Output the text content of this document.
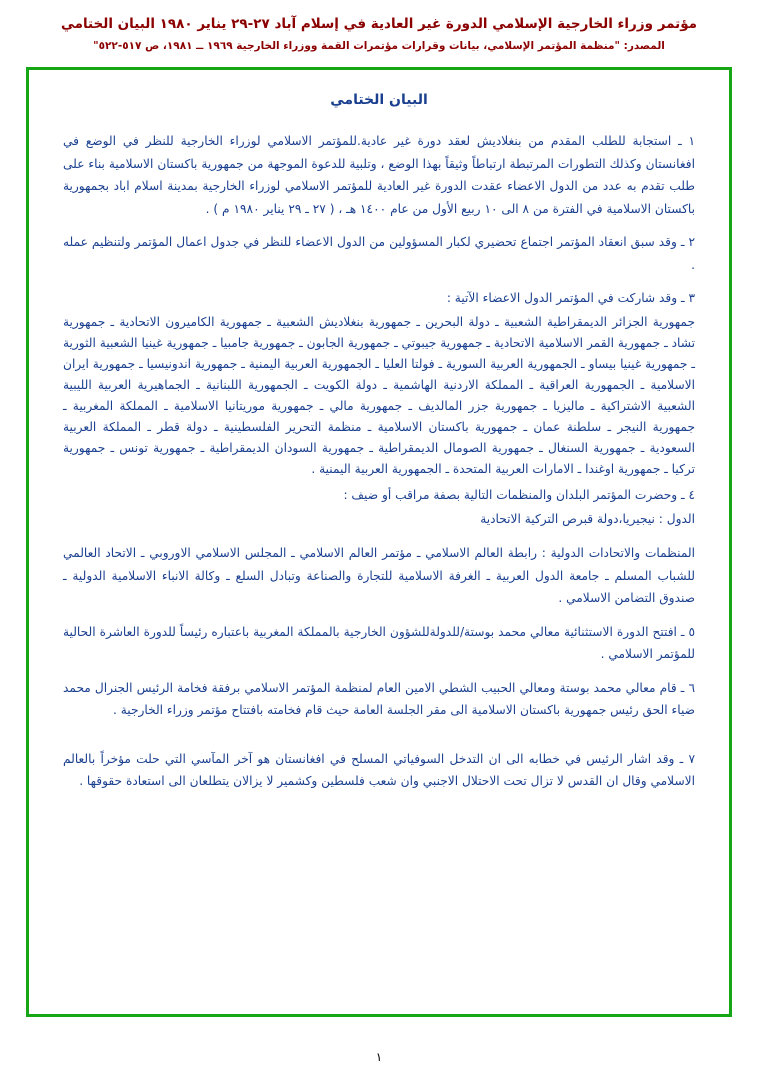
مؤتمر وزراء الخارجية الإسلامي الدورة غير العادية في إسلام آباد ٢٧-٢٩ يناير ١٩٨٠ البيان الختامي
المصدر: "منظمة المؤتمر الإسلامي، بيانات وقرارات مؤتمرات القمة ووزراء الخارجية ١٩٦٩ ــ ١٩٨١، ص ٥١٧-٥٢٢"
البيان الختامي
١ ـ استجابة للطلب المقدم من بنغلاديش لعقد دورة غير عادية.للمؤتمر الاسلامي لوزراء الخارجية للنظر في الوضع في افغانستان وكذلك التطورات المرتبطة ارتباطاً وثيقاً بهذا الوضع ، وتلبية للدعوة الموجهة من جمهورية باكستان الاسلامية بناء على طلب تقدم به عدد من الدول الاعضاء عقدت الدورة غير العادية للمؤتمر الاسلامي لوزراء الخارجية بمدينة اسلام اباد بجمهورية باكستان الاسلامية في الفترة من ٨ الى ١٠ ربيع الأول من عام ١٤٠٠ هـ ، ( ٢٧ ـ ٢٩ يناير ١٩٨٠ م ) .
٢ ـ وقد سبق انعقاد المؤتمر اجتماع تحضيري لكبار المسؤولين من الدول الاعضاء للنظر في جدول اعمال المؤتمر ولتنظيم عمله .
٣ ـ وقد شاركت في المؤتمر الدول الاعضاء الآتية :
جمهورية الجزائر الديمقراطية الشعبية ـ دولة البحرين ـ جمهورية بنغلاديش الشعبية ـ جمهورية الكاميرون الاتحادية ـ جمهورية تشاد ـ جمهورية القمر الاسلامية الاتحادية ـ جمهورية جيبوتي ـ جمهورية الجابون ـ جمهورية جامبيا ـ جمهورية غينيا الشعبية الثورية ـ جمهورية غينيا بيساو ـ الجمهورية العربية السورية ـ فولتا العليا ـ الجمهورية العربية اليمنية ـ جمهورية اندونيسيا ـ جمهورية ايران الاسلامية ـ الجمهورية العراقية ـ المملكة الاردنية الهاشمية ـ دولة الكويت ـ الجمهورية اللبنانية ـ الجماهيرية العربية الليبية الشعبية الاشتراكية ـ ماليزيا ـ جمهورية جزر المالديف ـ جمهورية مالي ـ جمهورية موريتانيا الاسلامية ـ المملكة المغربية ـ جمهورية النيجر ـ سلطنة عمان ـ جمهورية باكستان الاسلامية ـ منظمة التحرير الفلسطينية ـ دولة قطر ـ المملكة العربية السعودية ـ جمهورية السنغال ـ جمهورية الصومال الديمقراطية ـ جمهورية السودان الديمقراطية ـ جمهورية تونس ـ جمهورية تركيا ـ جمهورية اوغندا ـ الامارات العربية المتحدة ـ الجمهورية العربية اليمنية .
٤ ـ وحضرت المؤتمر البلدان والمنظمات التالية بصفة مراقب أو ضيف :
الدول : نيجيريا،دولة قبرص التركية الاتحادية
المنظمات والاتحادات الدولية : رابطة العالم الاسلامي ـ مؤتمر العالم الاسلامي ـ المجلس الاسلامي الاوروبي ـ الاتحاد العالمي للشباب المسلم ـ جامعة الدول العربية ـ الغرفة الاسلامية للتجارة والصناعة وتبادل السلع ـ وكالة الانباء الاسلامية الدولية ـ صندوق التضامن الاسلامي .
٥ ـ افتتح الدورة الاستثنائية معالي محمد بوستة/للدولةللشؤون الخارجية بالمملكة المغربية باعتباره رئيساً للدورة العاشرة الحالية للمؤتمر الاسلامي .
٦ ـ قام معالي محمد بوستة ومعالي الحبيب الشطي الامين العام لمنظمة المؤتمر الاسلامي برفقة فخامة الرئيس الجنرال محمد ضياء الحق رئيس جمهورية باكستان الاسلامية الى مقر الجلسة العامة حيث قام فخامته بافتتاح مؤتمر وزراء الخارجية .
٧ ـ وقد اشار الرئيس في خطابه الى ان التدخل السوفياتي المسلح في افغانستان هو آخر المآسي التي حلت مؤخراً بالعالم الاسلامي وقال ان القدس لا تزال تحت الاحتلال الاجنبي وان شعب فلسطين وكشمير لا يزالان يتطلعان الى استعادة حقوقها .
١
